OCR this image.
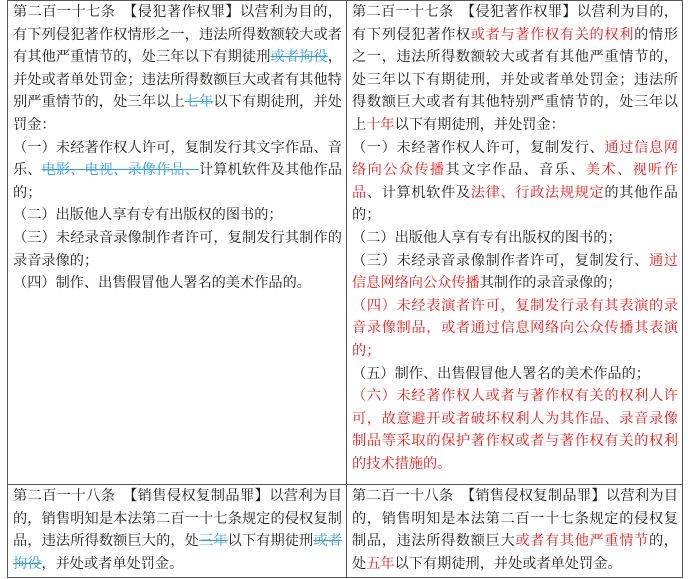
第二百一十七条　【侵犯著作权罪】以营利为目的，有下列侵犯著作权情形之一，违法所得数额较大或者有其他严重情节的，处三年以下有期徒刑或者拘役，并处或者单处罚金；违法所得数额巨大或者有其他特别严重情节的，处三年以上七年以下有期徒刑，并处罚金：

（一）未经著作权人许可，复制发行其文字作品、音乐、电影、电视、录像作品、计算机软件及其他作品的；

（二）出版他人享有专有出版权的图书的；

（三）未经录音录像制作者许可，复制发行其制作的录音录像的；

（四）制作、出售假冒他人署名的美术作品的。

第二百一十七条　【侵犯著作权罪】以营利为目的，有下列侵犯著作权或者与著作权有关的权利的情形之一，违法所得数额较大或者有其他严重情节的，处三年以下有期徒刑，并处或者单处罚金；违法所得数额巨大或者有其他特别严重情节的，处三年以上十年以下有期徒刑，并处罚金：

（一）未经著作权人许可，复制发行、通过信息网络向公众传播其文字作品、音乐、美术、视听作品、计算机软件及法律、行政法规规定的其他作品的；

（二）出版他人享有专有出版权的图书的；

（三）未经录音录像制作者许可，复制发行、通过信息网络向公众传播其制作的录音录像的；

（四）未经表演者许可，复制发行录有其表演的录音录像制品，或者通过信息网络向公众传播其表演的；

（五）制作、出售假冒他人署名的美术作品的；

（六）未经著作权人或者与著作权有关的权利人许可，故意避开或者破坏权利人为其作品、录音录像制品等采取的保护著作权或者与著作权有关的权利的技术措施的。

第二百一十八条　【销售侵权复制品罪】以营利为目的，销售明知是本法第二百一十七条规定的侵权复制品，违法所得数额巨大的，处三年以下有期徒刑或者拘役，并处或者单处罚金。

第二百一十八条　【销售侵权复制品罪】以营利为目的，销售明知是本法第二百一十七条规定的侵权复制品，违法所得数额巨大或者有其他严重情节的，处五年以下有期徒刑，并处或者单处罚金。
